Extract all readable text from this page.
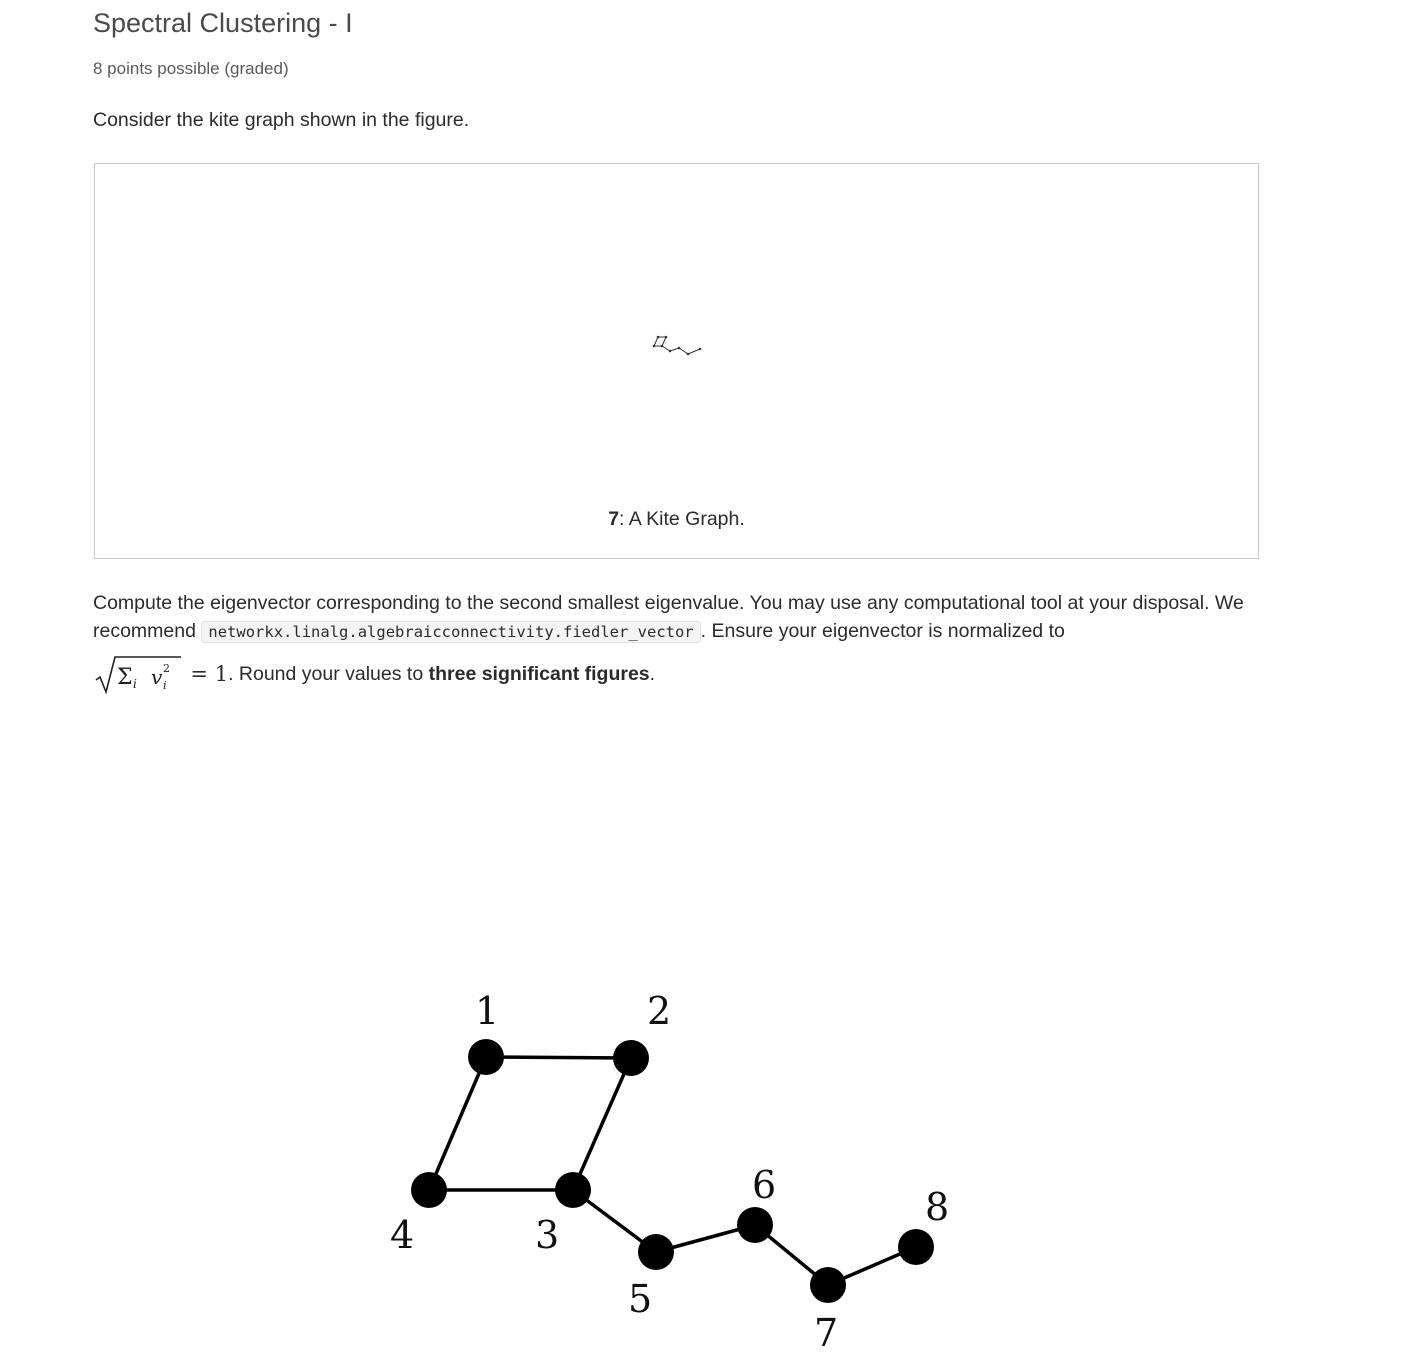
Spectral Clustering - I
8 points possible (graded)
Consider the kite graph shown in the figure.
7: A Kite Graph.
Compute the eigenvector corresponding to the second smallest eigenvalue. You may use any computational tool at your disposal. We recommend networkx.linalg.algebraicconnectivity.fiedler_vector . Ensure your eigenvector is normalized to
Σ i v 2
i = 1. Round your values to three significant figures.
1	2
3
4
5
6
7
8
